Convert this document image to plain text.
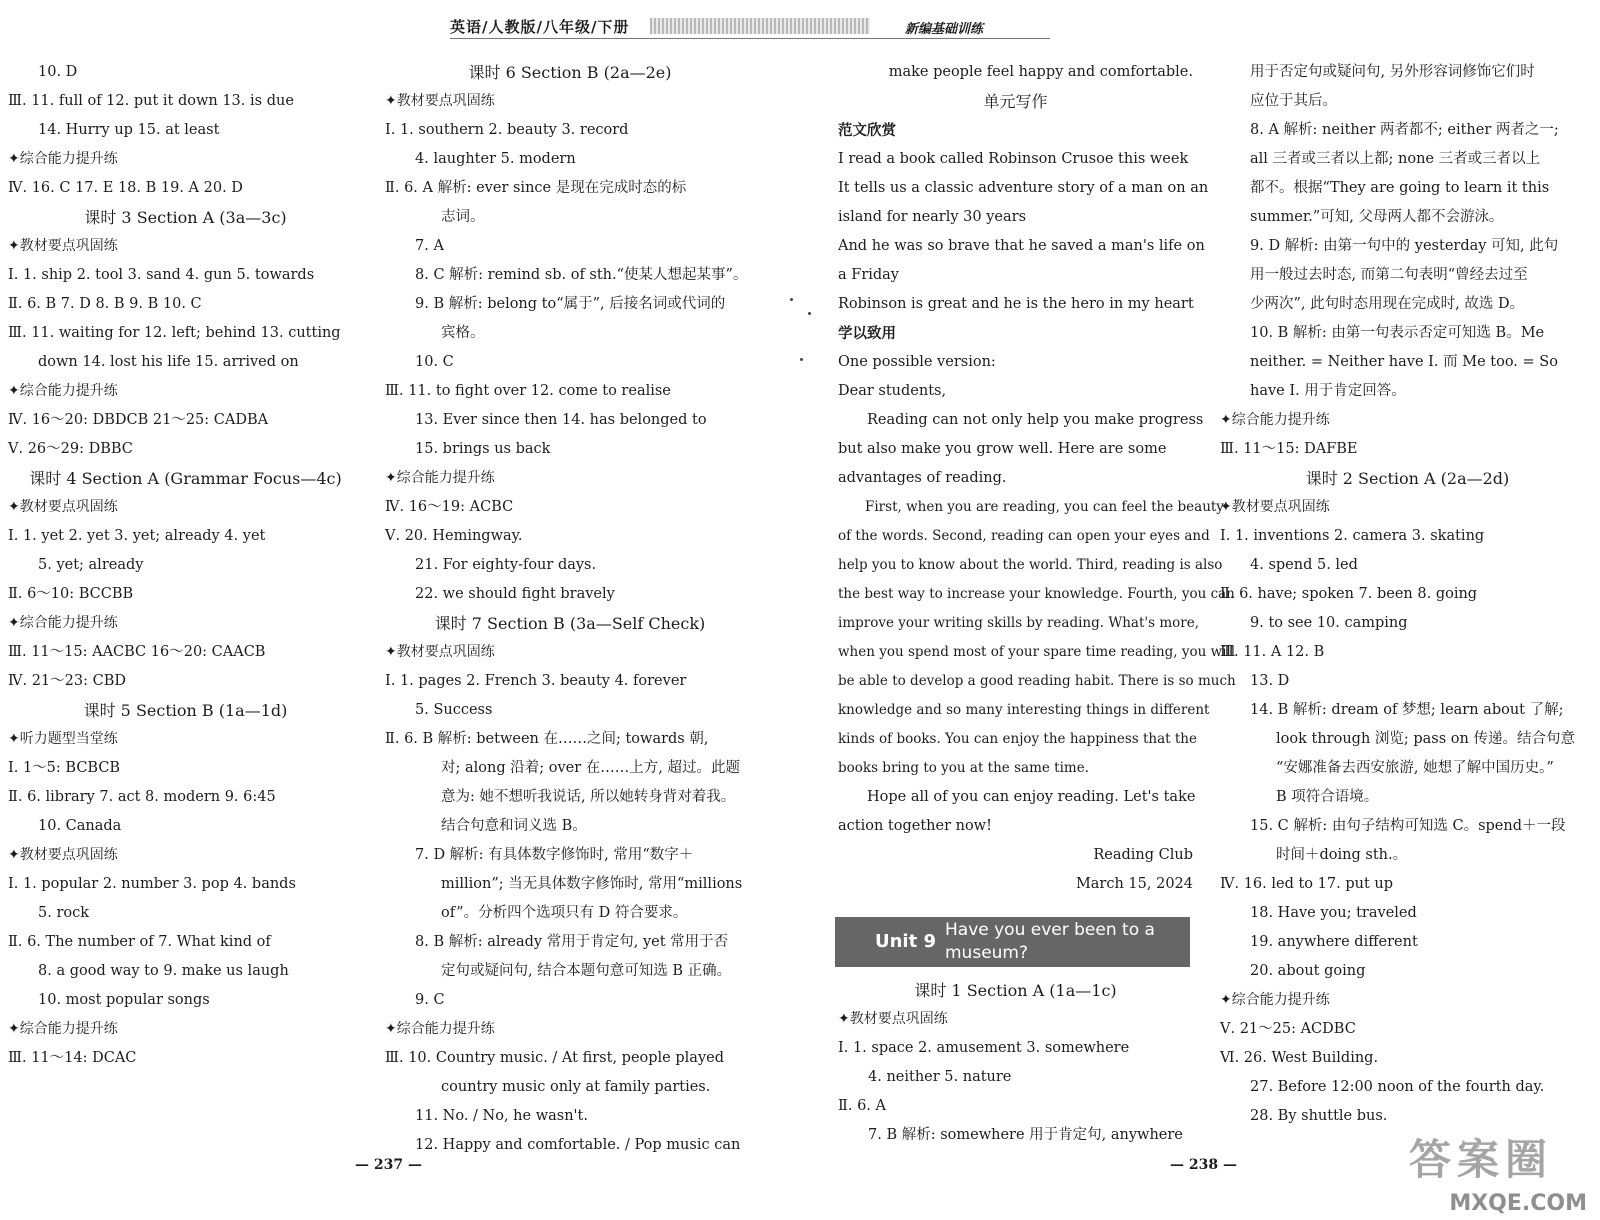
英语/人教版/八年级/下册	新编基础训练
10. D
Ⅲ. 11. full of 12. put it down 13. is due
14. Hurry up 15. at least
✦综合能力提升练
Ⅳ. 16. C 17. E 18. B 19. A 20. D
课时 3 Section A (3a—3c)
✦教材要点巩固练
Ⅰ. 1. ship 2. tool 3. sand 4. gun 5. towards
Ⅱ. 6. B 7. D 8. B 9. B 10. C
Ⅲ. 11. waiting for 12. left; behind 13. cutting
down 14. lost his life 15. arrived on
✦综合能力提升练
Ⅳ. 16～20: DBDCB 21～25: CADBA
Ⅴ. 26～29: DBBC
课时 4 Section A (Grammar Focus—4c)
✦教材要点巩固练
Ⅰ. 1. yet 2. yet 3. yet; already 4. yet
5. yet; already
Ⅱ. 6～10: BCCBB
✦综合能力提升练
Ⅲ. 11～15: AACBC 16～20: CAACB
Ⅳ. 21～23: CBD
课时 5 Section B (1a—1d)
✦听力题型当堂练
Ⅰ. 1～5: BCBCB
Ⅱ. 6. library 7. act 8. modern 9. 6:45
10. Canada
✦教材要点巩固练
Ⅰ. 1. popular 2. number 3. pop 4. bands
5. rock
Ⅱ. 6. The number of 7. What kind of
8. a good way to 9. make us laugh
10. most popular songs
✦综合能力提升练
Ⅲ. 11～14: DCAC
课时 6 Section B (2a—2e)
✦教材要点巩固练
Ⅰ. 1. southern 2. beauty 3. record
4. laughter 5. modern
Ⅱ. 6. A 解析: ever since 是现在完成时态的标
志词。
7. A
8. C 解析: remind sb. of sth.“使某人想起某事”。
9. B 解析: belong to“属于”, 后接名词或代词的
宾格。
10. C
Ⅲ. 11. to fight over 12. come to realise
13. Ever since then 14. has belonged to
15. brings us back
✦综合能力提升练
Ⅳ. 16～19: ACBC
Ⅴ. 20. Hemingway.
21. For eighty-four days.
22. we should fight bravely
课时 7 Section B (3a—Self Check)
✦教材要点巩固练
Ⅰ. 1. pages 2. French 3. beauty 4. forever
5. Success
Ⅱ. 6. B 解析: between 在……之间; towards 朝,
对; along 沿着; over 在……上方, 超过。此题
意为: 她不想听我说话, 所以她转身背对着我。
结合句意和词义选 B。
7. D 解析: 有具体数字修饰时, 常用“数字＋
million”; 当无具体数字修饰时, 常用“millions
of”。分析四个选项只有 D 符合要求。
8. B 解析: already 常用于肯定句, yet 常用于否
定句或疑问句, 结合本题句意可知选 B 正确。
9. C
✦综合能力提升练
Ⅲ. 10. Country music. / At first, people played
country music only at family parties.
11. No. / No, he wasn't.
12. Happy and comfortable. / Pop music can
make people feel happy and comfortable.
单元写作
范文欣赏
I read a book called Robinson Crusoe this week
It tells us a classic adventure story of a man on an
island for nearly 30 years
And he was so brave that he saved a man's life on
a Friday
Robinson is great and he is the hero in my heart
学以致用
One possible version:
Dear students,
Reading can not only help you make progress
but also make you grow well. Here are some
advantages of reading.
First, when you are reading, you can feel the beauty
of the words. Second, reading can open your eyes and
help you to know about the world. Third, reading is also
the best way to increase your knowledge. Fourth, you can
improve your writing skills by reading. What's more,
when you spend most of your spare time reading, you will
be able to develop a good reading habit. There is so much
knowledge and so many interesting things in different
kinds of books. You can enjoy the happiness that the
books bring to you at the same time.
Hope all of you can enjoy reading. Let's take
action together now!
Reading Club
March 15, 2024
Unit 9
Have you ever been to a museum?
课时 1 Section A (1a—1c)
✦教材要点巩固练
Ⅰ. 1. space 2. amusement 3. somewhere
4. neither 5. nature
Ⅱ. 6. A
7. B 解析: somewhere 用于肯定句, anywhere
用于否定句或疑问句, 另外形容词修饰它们时
应位于其后。
8. A 解析: neither 两者都不; either 两者之一;
all 三者或三者以上都; none 三者或三者以上
都不。根据“They are going to learn it this
summer.”可知, 父母两人都不会游泳。
9. D 解析: 由第一句中的 yesterday 可知, 此句
用一般过去时态, 而第二句表明“曾经去过至
少两次”, 此句时态用现在完成时, 故选 D。
10. B 解析: 由第一句表示否定可知选 B。Me
neither. = Neither have I. 而 Me too. = So
have I. 用于肯定回答。
✦综合能力提升练
Ⅲ. 11～15: DAFBE
课时 2 Section A (2a—2d)
✦教材要点巩固练
Ⅰ. 1. inventions 2. camera 3. skating
4. spend 5. led
Ⅱ. 6. have; spoken 7. been 8. going
9. to see 10. camping
Ⅲ. 11. A 12. B
13. D
14. B 解析: dream of 梦想; learn about 了解;
look through 浏览; pass on 传递。结合句意
“安娜准备去西安旅游, 她想了解中国历史。”
B 项符合语境。
15. C 解析: 由句子结构可知选 C。spend＋一段
时间＋doing sth.。
Ⅳ. 16. led to 17. put up
18. Have you; traveled
19. anywhere different
20. about going
✦综合能力提升练
Ⅴ. 21～25: ACDBC
Ⅵ. 26. West Building.
27. Before 12:00 noon of the fourth day.
28. By shuttle bus.
— 237 —	— 238 —	答案圈
MXQE.COM
